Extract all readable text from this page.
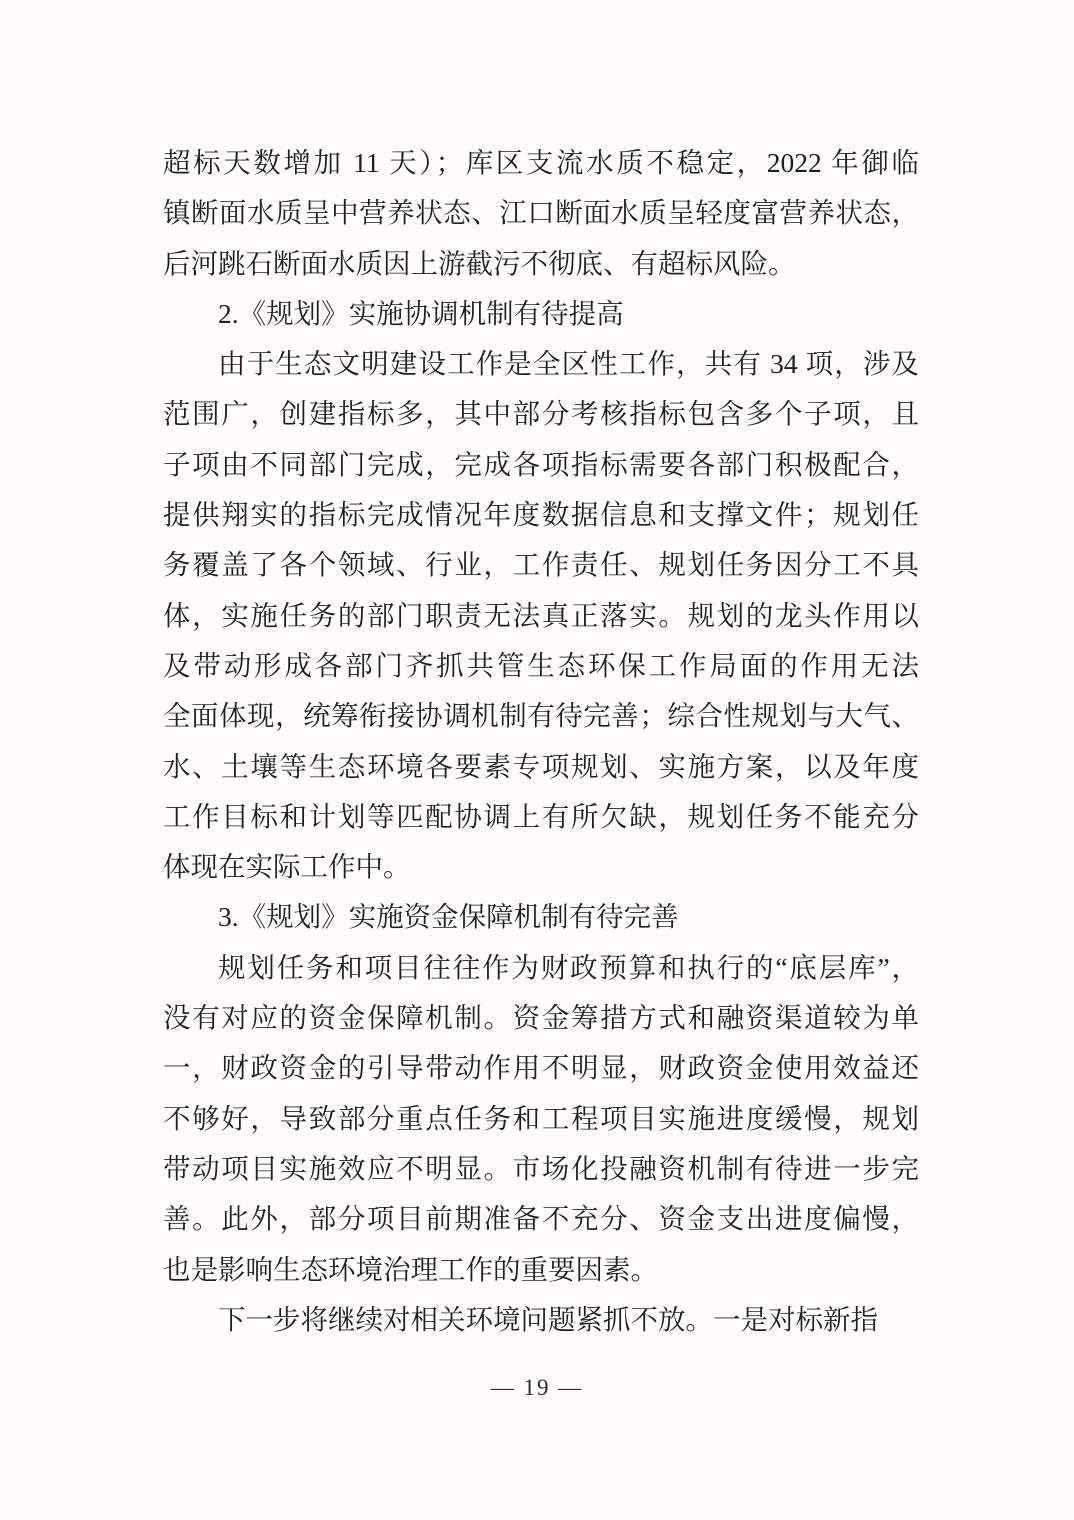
超标天数增加 11 天）；库区支流水质不稳定，2022 年御临
镇断面水质呈中营养状态、江口断面水质呈轻度富营养状态，
后河跳石断面水质因上游截污不彻底、有超标风险。
2.《规划》实施协调机制有待提高
由于生态文明建设工作是全区性工作，共有 34 项，涉及
范围广，创建指标多，其中部分考核指标包含多个子项，且
子项由不同部门完成，完成各项指标需要各部门积极配合，
提供翔实的指标完成情况年度数据信息和支撑文件；规划任
务覆盖了各个领域、行业，工作责任、规划任务因分工不具
体，实施任务的部门职责无法真正落实。规划的龙头作用以
及带动形成各部门齐抓共管生态环保工作局面的作用无法
全面体现，统筹衔接协调机制有待完善；综合性规划与大气、
水、土壤等生态环境各要素专项规划、实施方案，以及年度
工作目标和计划等匹配协调上有所欠缺，规划任务不能充分
体现在实际工作中。
3.《规划》实施资金保障机制有待完善
规划任务和项目往往作为财政预算和执行的“底层库”，
没有对应的资金保障机制。资金筹措方式和融资渠道较为单
一，财政资金的引导带动作用不明显，财政资金使用效益还
不够好，导致部分重点任务和工程项目实施进度缓慢，规划
带动项目实施效应不明显。市场化投融资机制有待进一步完
善。此外，部分项目前期准备不充分、资金支出进度偏慢，
也是影响生态环境治理工作的重要因素。
下一步将继续对相关环境问题紧抓不放。一是对标新指
— 19 —
